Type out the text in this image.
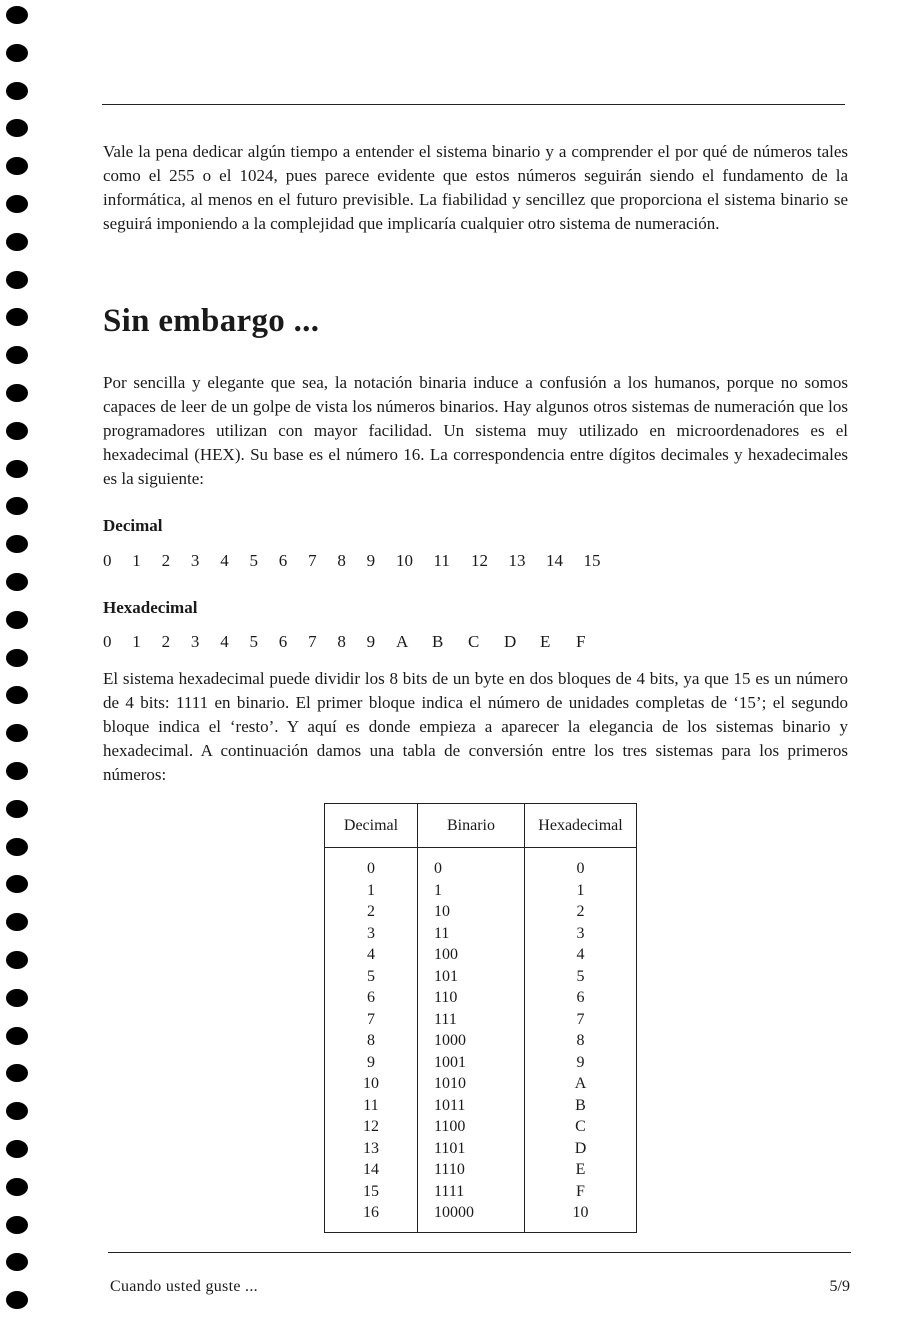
Vale la pena dedicar algún tiempo a entender el sistema binario y a comprender el por qué de números tales como el 255 o el 1024, pues parece evidente que estos números seguirán siendo el fundamento de la informática, al menos en el futuro previsible. La fiabilidad y sencillez que proporciona el sistema binario se seguirá imponiendo a la complejidad que implicaría cualquier otro sistema de numeración.

Sin embargo ...

Por sencilla y elegante que sea, la notación binaria induce a confusión a los humanos, porque no somos capaces de leer de un golpe de vista los números binarios. Hay algunos otros sistemas de numeración que los programadores utilizan con mayor facilidad. Un sistema muy utilizado en microordenadores es el hexadecimal (HEX). Su base es el número 16. La correspondencia entre dígitos decimales y hexadecimales es la siguiente:

Decimal
0	1	2	3	4	5	6	7	8	9	10	11	12	13	14	15
Hexadecimal
0	1	2	3	4	5	6	7	8	9	A	B	C	D	E	F

El sistema hexadecimal puede dividir los 8 bits de un byte en dos bloques de 4 bits, ya que 15 es un número de 4 bits: 1111 en binario. El primer bloque indica el número de unidades completas de ‘15’; el segundo bloque indica el ‘resto’. Y aquí es donde empieza a aparecer la elegancia de los sistemas binario y hexadecimal. A continuación damos una tabla de conversión entre los tres sistemas para los primeros números:

Decimal	Binario	Hexadecimal
0	0	0
1	1	1
2	10	2
3	11	3
4	100	4
5	101	5
6	110	6
7	111	7
8	1000	8
9	1001	9
10	1010	A
11	1011	B
12	1100	C
13	1101	D
14	1110	E
15	1111	F
16	10000	10
Cuando usted guste ...	5/9
